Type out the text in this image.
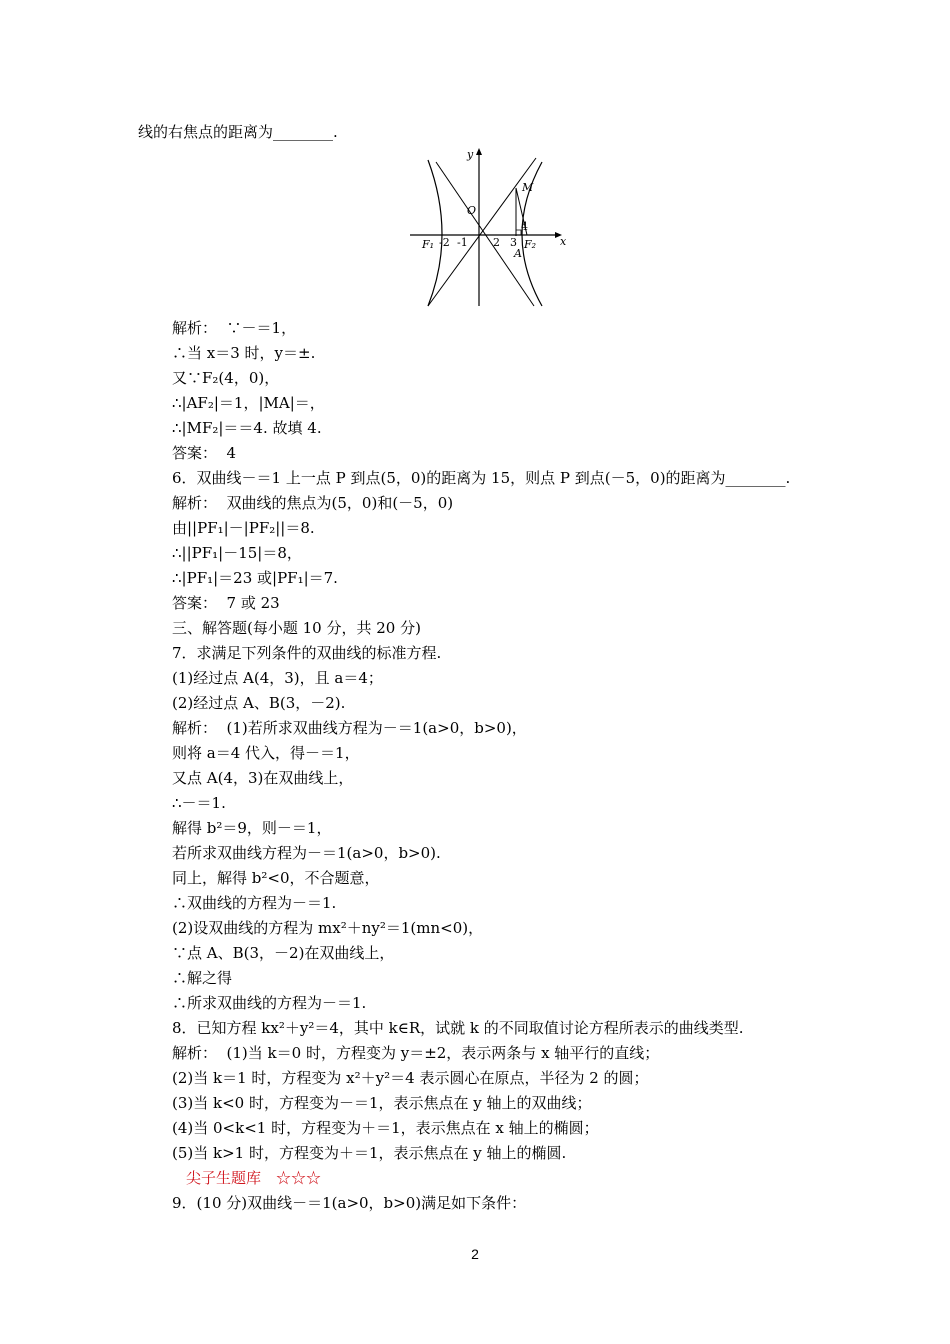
线的右焦点的距离为________.
y
x
O
M
A
4
F₁ -2 -1 2 3 F₂
解析：  ∵－＝1，
∴当 x＝3 时，y＝±.
又∵F₂(4，0)，
∴|AF₂|＝1，|MA|＝，
∴|MF₂|＝＝4. 故填 4.
答案：  4
6．双曲线－＝1 上一点 P 到点(5，0)的距离为 15，则点 P 到点(－5，0)的距离为________.
解析：  双曲线的焦点为(5，0)和(－5，0)
由||PF₁|－|PF₂||＝8.
∴||PF₁|－15|＝8，
∴|PF₁|＝23 或|PF₁|＝7.
答案：  7 或 23
三、解答题(每小题 10 分，共 20 分)
7．求满足下列条件的双曲线的标准方程.
(1)经过点 A(4，3)，且 a＝4；
(2)经过点 A、B(3，－2).
解析：  (1)若所求双曲线方程为－＝1(a>0，b>0)，
则将 a＝4 代入，得－＝1，
又点 A(4，3)在双曲线上，
∴－＝1.
解得 b²＝9，则－＝1，
若所求双曲线方程为－＝1(a>0，b>0).
同上，解得 b²<0，不合题意，
∴双曲线的方程为－＝1.
(2)设双曲线的方程为 mx²＋ny²＝1(mn<0)，
∵点 A、B(3，－2)在双曲线上，
∴解之得
∴所求双曲线的方程为－＝1.
8．已知方程 kx²＋y²＝4，其中 k∈R，试就 k 的不同取值讨论方程所表示的曲线类型.
解析：  (1)当 k＝0 时，方程变为 y＝±2，表示两条与 x 轴平行的直线；
(2)当 k＝1 时，方程变为 x²＋y²＝4 表示圆心在原点，半径为 2 的圆；
(3)当 k<0 时，方程变为－＝1，表示焦点在 y 轴上的双曲线；
(4)当 0<k<1 时，方程变为＋＝1，表示焦点在 x 轴上的椭圆；
(5)当 k>1 时，方程变为＋＝1，表示焦点在 y 轴上的椭圆.
尖子生题库　☆☆☆
9．(10 分)双曲线－＝1(a>0，b>0)满足如下条件：
2
